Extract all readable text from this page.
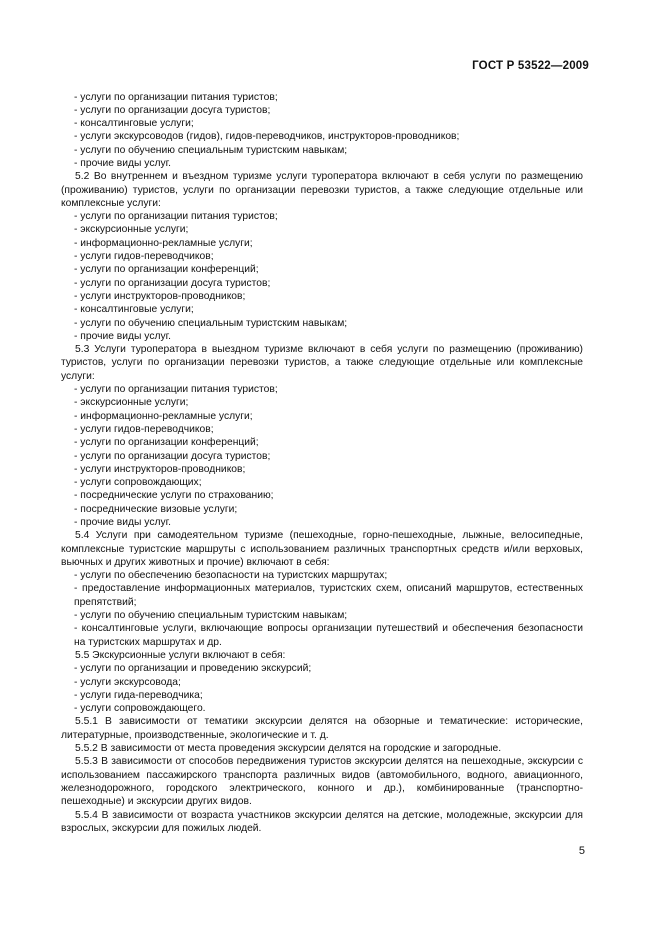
ГОСТ Р 53522—2009

- услуги по организации питания туристов;

- услуги по организации досуга туристов;

- консалтинговые услуги;

- услуги экскурсоводов (гидов), гидов-переводчиков, инструкторов-проводников;

- услуги по обучению специальным туристским навыкам;

- прочие виды услуг.

5.2 Во внутреннем и въездном туризме услуги туроператора включают в себя услуги по размещению (проживанию) туристов, услуги по организации перевозки туристов, а также следующие отдельные или комплексные услуги:

- услуги по организации питания туристов;

- экскурсионные услуги;

- информационно-рекламные услуги;

- услуги гидов-переводчиков;

- услуги по организации конференций;

- услуги по организации досуга туристов;

- услуги инструкторов-проводников;

- консалтинговые услуги;

- услуги по обучению специальным туристским навыкам;

- прочие виды услуг.

5.3 Услуги туроператора в выездном туризме включают в себя услуги по размещению (проживанию) туристов, услуги по организации перевозки туристов, а также следующие отдельные или комплексные услуги:

- услуги по организации питания туристов;

- экскурсионные услуги;

- информационно-рекламные услуги;

- услуги гидов-переводчиков;

- услуги по организации конференций;

- услуги по организации досуга туристов;

- услуги инструкторов-проводников;

- услуги сопровождающих;

- посреднические услуги по страхованию;

- посреднические визовые услуги;

- прочие виды услуг.

5.4 Услуги при самодеятельном туризме (пешеходные, горно-пешеходные, лыжные, велосипедные, комплексные туристские маршруты с использованием различных транспортных средств и/или верховых, вьючных и других животных и прочие) включают в себя:

- услуги по обеспечению безопасности на туристских маршрутах;

- предоставление информационных материалов, туристских схем, описаний маршрутов, естественных препятствий;

- услуги по обучению специальным туристским навыкам;

- консалтинговые услуги, включающие вопросы организации путешествий и обеспечения безопасности на туристских маршрутах и др.

5.5 Экскурсионные услуги включают в себя:

- услуги по организации и проведению экскурсий;

- услуги экскурсовода;

- услуги гида-переводчика;

- услуги сопровождающего.

5.5.1 В зависимости от тематики экскурсии делятся на обзорные и тематические: исторические, литературные, производственные, экологические и т. д.

5.5.2 В зависимости от места проведения экскурсии делятся на городские и загородные.

5.5.3 В зависимости от способов передвижения туристов экскурсии делятся на пешеходные, экскурсии с использованием пассажирского транспорта различных видов (автомобильного, водного, авиационного, железнодорожного, городского электрического, конного и др.), комбинированные (транспортно-пешеходные) и экскурсии других видов.

5.5.4 В зависимости от возраста участников экскурсии делятся на детские, молодежные, экскурсии для взрослых, экскурсии для пожилых людей.

5
